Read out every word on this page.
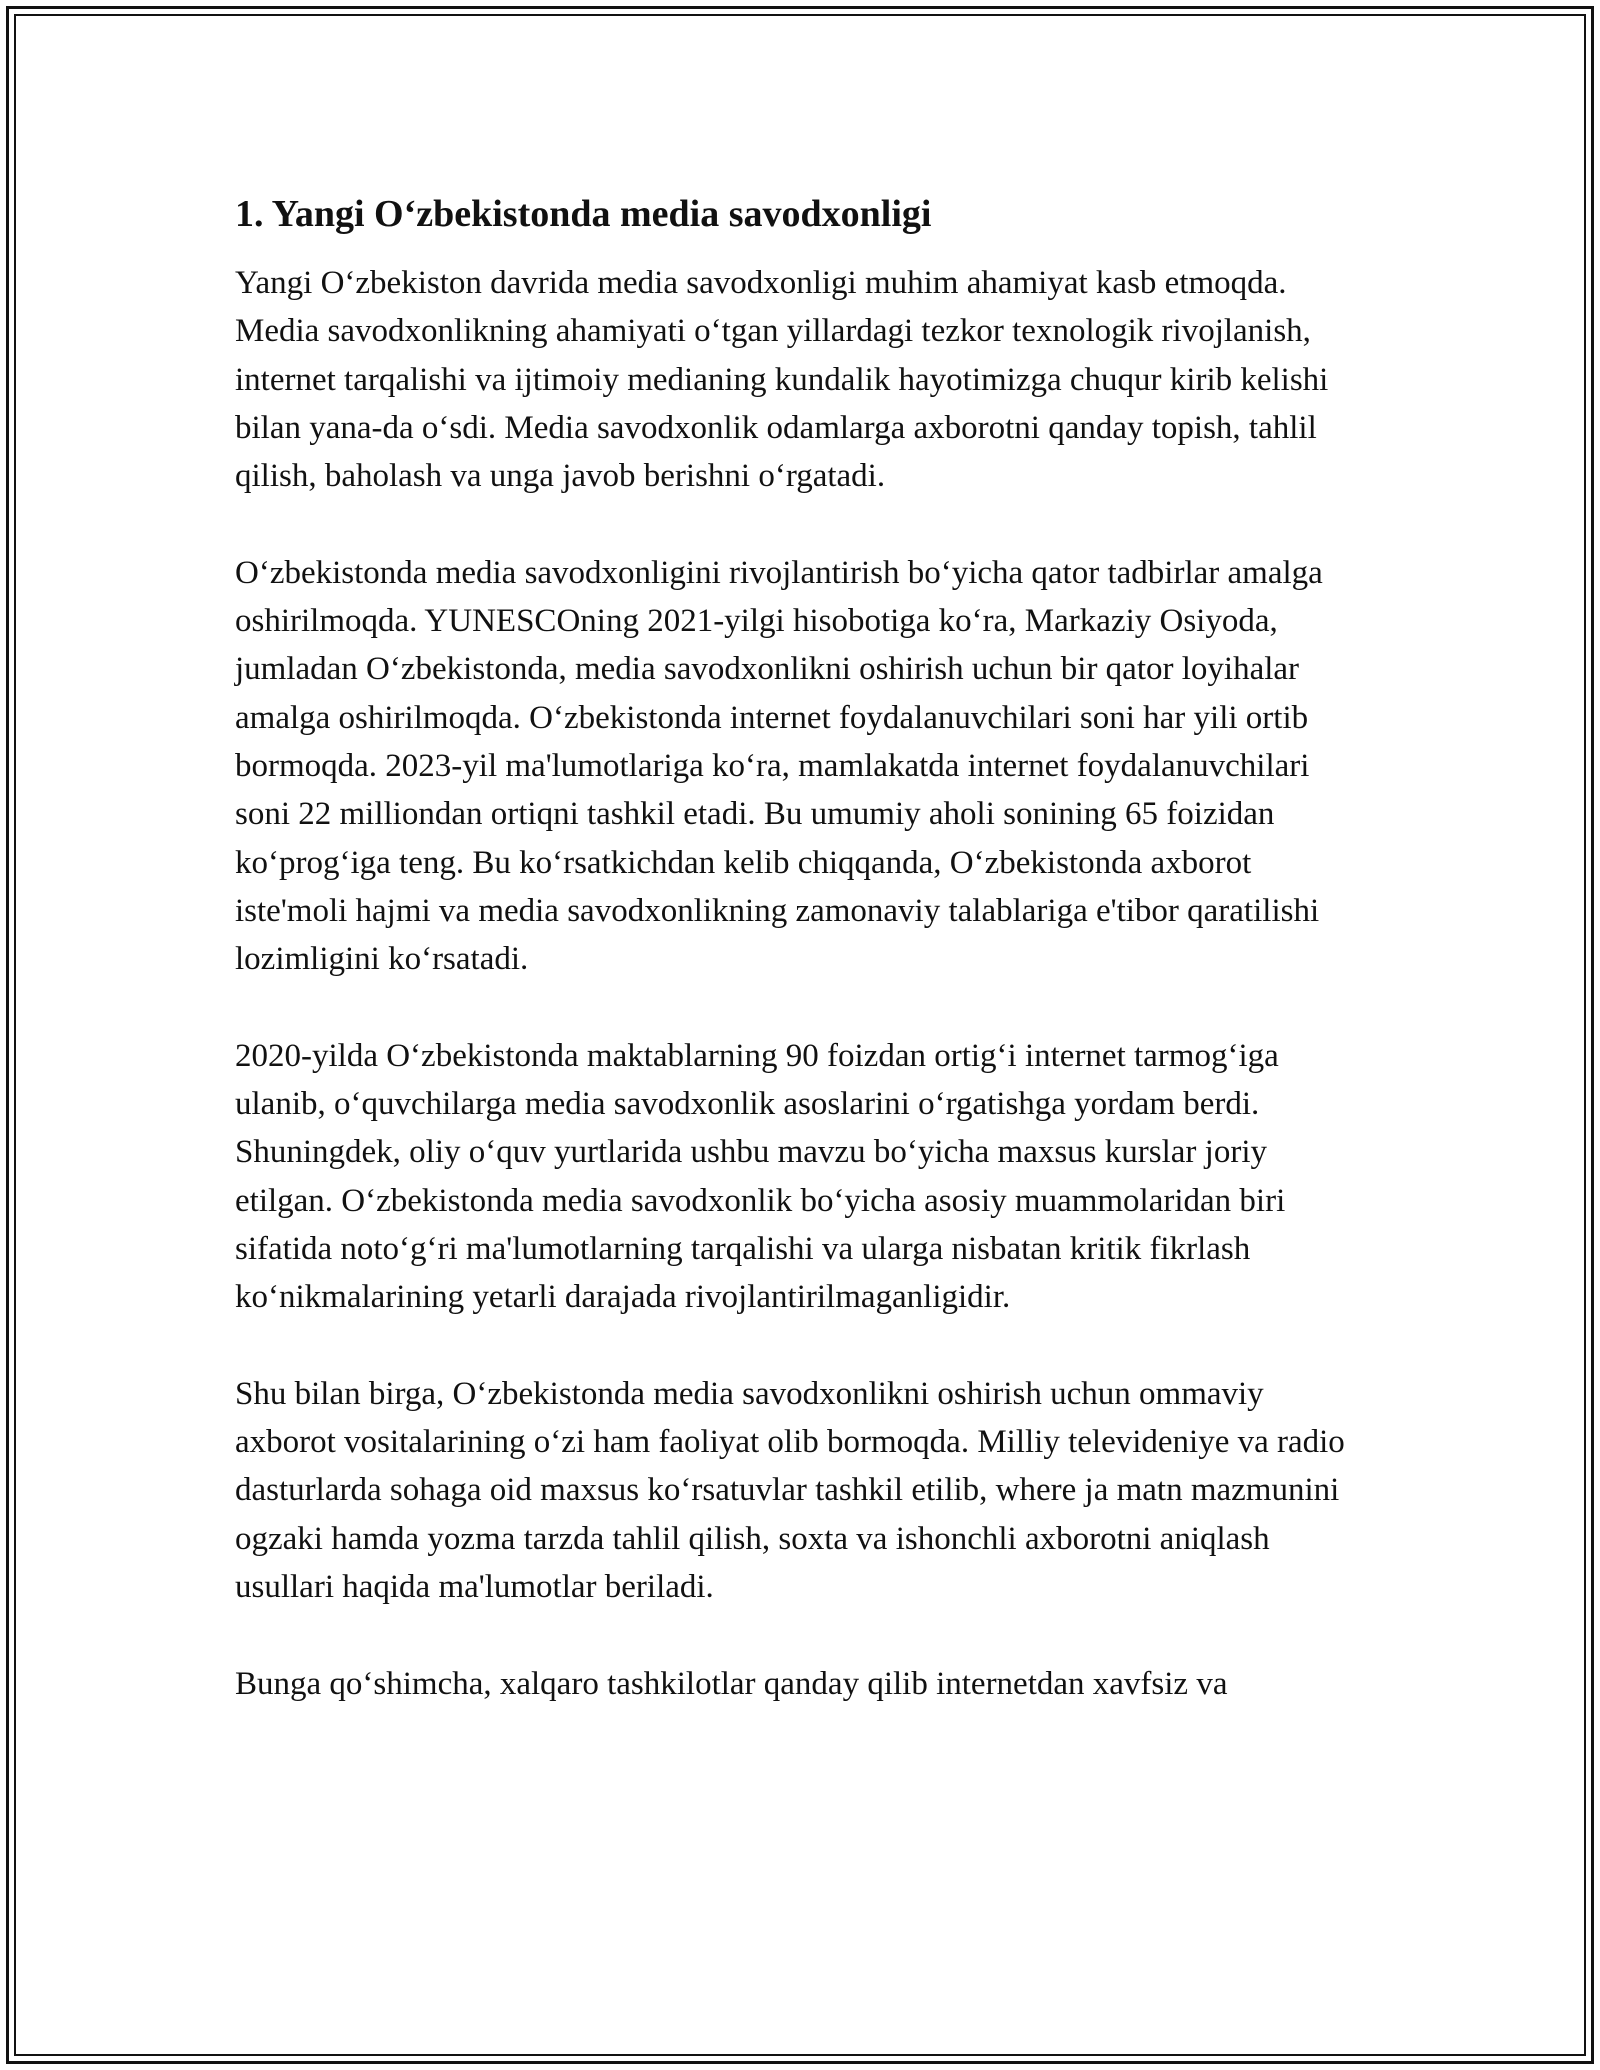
1. Yangi O‘zbekistonda media savodxonligi

Yangi O‘zbekiston davrida media savodxonligi muhim ahamiyat kasb etmoqda. Media savodxonlikning ahamiyati o‘tgan yillardagi tezkor texnologik rivojlanish, internet tarqalishi va ijtimoiy medianing kundalik hayotimizga chuqur kirib kelishi bilan yana-da o‘sdi. Media savodxonlik odamlarga axborotni qanday topish, tahlil qilish, baholash va unga javob berishni o‘rgatadi.

O‘zbekistonda media savodxonligini rivojlantirish bo‘yicha qator tadbirlar amalga oshirilmoqda. YUNESCOning 2021-yilgi hisobotiga ko‘ra, Markaziy Osiyoda, jumladan O‘zbekistonda, media savodxonlikni oshirish uchun bir qator loyihalar amalga oshirilmoqda. O‘zbekistonda internet foydalanuvchilari soni har yili ortib bormoqda. 2023-yil ma'lumotlariga ko‘ra, mamlakatda internet foydalanuvchilari soni 22 milliondan ortiqni tashkil etadi. Bu umumiy aholi sonining 65 foizidan ko‘prog‘iga teng. Bu ko‘rsatkichdan kelib chiqqanda, O‘zbekistonda axborot iste'moli hajmi va media savodxonlikning zamonaviy talablariga e'tibor qaratilishi lozimligini ko‘rsatadi.

2020-yilda O‘zbekistonda maktablarning 90 foizdan ortig‘i internet tarmog‘iga ulanib, o‘quvchilarga media savodxonlik asoslarini o‘rgatishga yordam berdi. Shuningdek, oliy o‘quv yurtlarida ushbu mavzu bo‘yicha maxsus kurslar joriy etilgan. O‘zbekistonda media savodxonlik bo‘yicha asosiy muammolaridan biri sifatida noto‘g‘ri ma'lumotlarning tarqalishi va ularga nisbatan kritik fikrlash ko‘nikmalarining yetarli darajada rivojlantirilmaganligidir.

Shu bilan birga, O‘zbekistonda media savodxonlikni oshirish uchun ommaviy axborot vositalarining o‘zi ham faoliyat olib bormoqda. Milliy televideniye va radio dasturlarda sohaga oid maxsus ko‘rsatuvlar tashkil etilib, where ja matn mazmunini ogzaki hamda yozma tarzda tahlil qilish, soxta va ishonchli axborotni aniqlash usullari haqida ma'lumotlar beriladi.

Bunga qo‘shimcha, xalqaro tashkilotlar qanday qilib internetdan xavfsiz va
